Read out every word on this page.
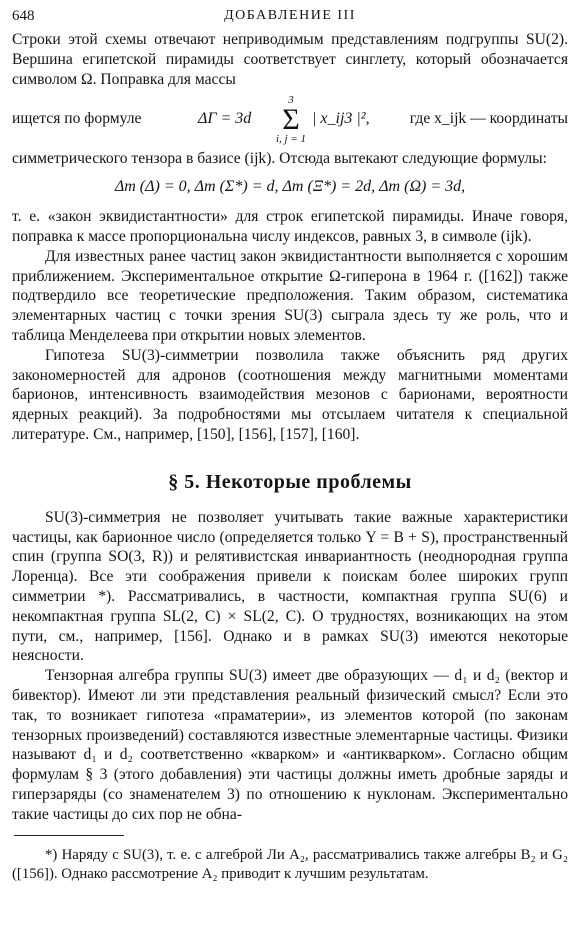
648	ДОБАВЛЕНИЕ III

Строки этой схемы отвечают неприводимым представлениям подгруппы SU(2). Вершина египетской пирамиды соответствует синглету, который обозначается символом Ω. Поправка для массы

ищется по формуле	ΔΓ = 3d
3
Σ
i, j = 1
| x_ij3 |²,	где x_ijk — координаты

симметрического тензора в базисе (ijk). Отсюда вытекают следующие формулы:

Δm (Δ) = 0, Δm (Σ*) = d, Δm (Ξ*) = 2d, Δm (Ω) = 3d,

т. е. «закон эквидистантности» для строк египетской пирамиды. Иначе говоря, поправка к массе пропорциональна числу индексов, равных 3, в символе (ijk).

Для известных ранее частиц закон эквидистантности выполняется с хорошим приближением. Экспериментальное открытие Ω-гиперона в 1964 г. ([162]) также подтвердило все теоретические предположения. Таким образом, систематика элементарных частиц с точки зрения SU(3) сыграла здесь ту же роль, что и таблица Менделеева при открытии новых элементов.

Гипотеза SU(3)-симметрии позволила также объяснить ряд других закономерностей для адронов (соотношения между магнитными моментами барионов, интенсивность взаимодействия мезонов с барионами, вероятности ядерных реакций). За подробностями мы отсылаем читателя к специальной литературе. См., например, [150], [156], [157], [160].

§ 5. Некоторые проблемы

SU(3)-симметрия не позволяет учитывать такие важные характеристики частицы, как барионное число (определяется только Y = B + S), пространственный спин (группа SO(3, R)) и релятивистская инвариантность (неоднородная группа Лоренца). Все эти соображения привели к поискам более широких групп симметрии *). Рассматривались, в частности, компактная группа SU(6) и некомпактная группа SL(2, C) × SL(2, C). О трудностях, возникающих на этом пути, см., например, [156]. Однако и в рамках SU(3) имеются некоторые неясности.

Тензорная алгебра группы SU(3) имеет две образующих — d₁ и d₂ (вектор и бивектор). Имеют ли эти представления реальный физический смысл? Если это так, то возникает гипотеза «праматерии», из элементов которой (по законам тензорных произведений) составляются известные элементарные частицы. Физики называют d₁ и d₂ соответственно «кварком» и «антикварком». Согласно общим формулам § 3 (этого добавления) эти частицы должны иметь дробные заряды и гиперзаряды (со знаменателем 3) по отношению к нуклонам. Экспериментально такие частицы до сих пор не обна-

*) Наряду с SU(3), т. е. с алгеброй Ли A₂, рассматривались также алгебры B₂ и G₂ ([156]). Однако рассмотрение A₂ приводит к лучшим результатам.
